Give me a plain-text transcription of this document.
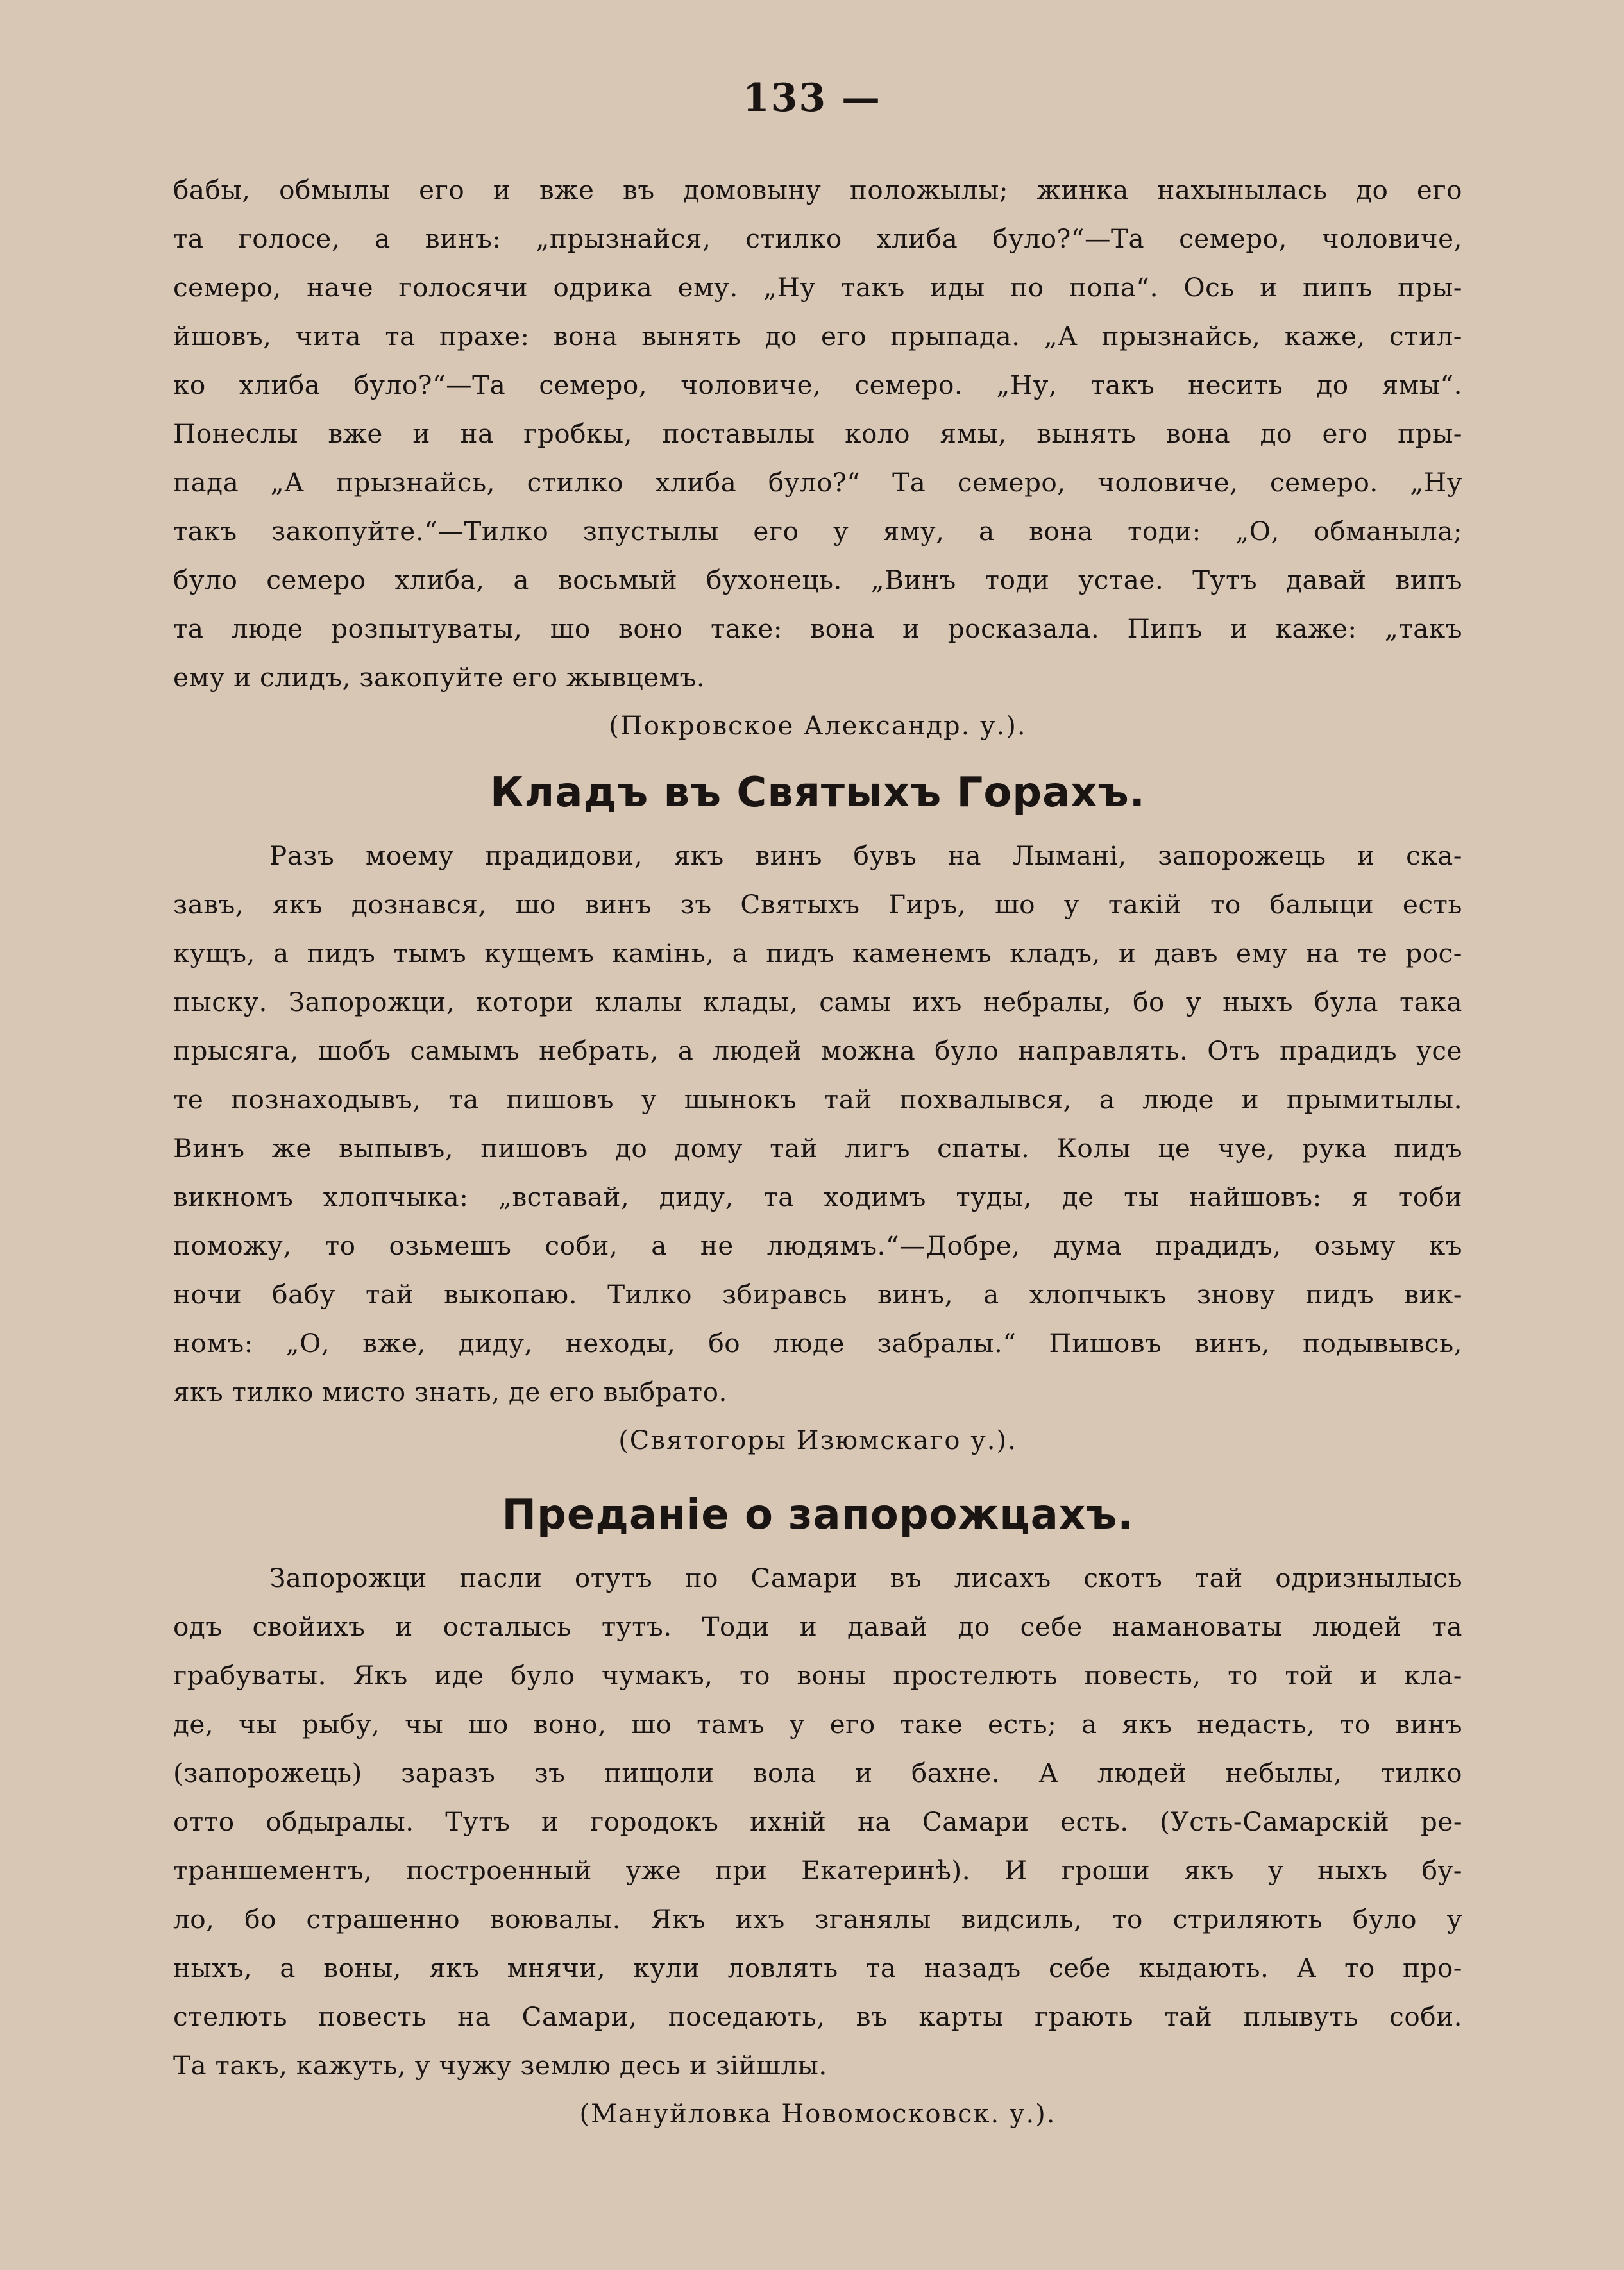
133 —

бабы, обмылы его и вже въ домовыну положылы; жинка нахынылась до его

та голосе, а винъ: „прызнайся, стилко хлиба було?“—Та семеро, чоловиче,

семеро, наче голосячи одрика ему. „Ну такъ иды по попа“. Ось и пипъ пры-

йшовъ, чита та прахе: вона вынять до его прыпада. „А прызнайсь, каже, стил-

ко хлиба було?“—Та семеро, чоловиче, семеро. „Ну, такъ несить до ямы“.

Понеслы вже и на гробкы, поставылы коло ямы, вынять вона до его пры-

пада „А прызнайсь, стилко хлиба було?“ Та семеро, чоловиче, семеро. „Ну

такъ закопуйте.“—Тилко зпустылы его у яму, а вона тоди: „О, обманыла;

було семеро хлиба, а восьмый бухонець. „Винъ тоди устае. Тутъ давай випъ

та люде розпытуваты, шо воно таке: вона и росказала. Пипъ и каже: „такъ

ему и слидъ, закопуйте его жывцемъ.

(Покровское Александр. у.).

Кладъ въ Святыхъ Горахъ.

Разъ моему прадидови, якъ винъ бувъ на Лыманi, запорожець и ска-

завъ, якъ дознався, шо винъ зъ Святыхъ Гиръ, шо у такiй то балыци есть

кущъ, а пидъ тымъ кущемъ камiнь, а пидъ каменемъ кладъ, и давъ ему на те рос-

пыску. Запорожци, котори клалы клады, самы ихъ небралы, бо у ныхъ була така

прысяга, шобъ самымъ небрать, а людей можна було направлять. Отъ прадидъ усе

те познаходывъ, та пишовъ у шынокъ тай похвалывся, а люде и прымитылы.

Винъ же выпывъ, пишовъ до дому тай лигъ спаты. Колы це чуе, рука пидъ

викномъ хлопчыка: „вставай, диду, та ходимъ туды, де ты найшовъ: я тоби

поможу, то озьмешъ соби, а не людямъ.“—Добре, дума прадидъ, озьму къ

ночи бабу тай выкопаю. Тилко збиравсь винъ, а хлопчыкъ знову пидъ вик-

номъ: „О, вже, диду, неходы, бо люде забралы.“ Пишовъ винъ, подывывсь,

якъ тилко мисто знать, де его выбрато.

(Святогоры Изюмскаго у.).

Преданiе о запорожцахъ.

Запорожци пасли отутъ по Самари въ лисахъ скотъ тай одризнылысь

одъ свойихъ и осталысь тутъ. Тоди и давай до себе намановаты людей та

грабуваты. Якъ иде було чумакъ, то воны простелють повесть, то той и кла-

де, чы рыбу, чы шо воно, шо тамъ у его таке есть; а якъ недасть, то винъ

(запорожець) заразъ зъ пищоли вола и бахне. А людей небылы, тилко

отто обдыралы. Тутъ и городокъ ихнiй на Самари есть. (Усть-Самарскiй ре-

траншементъ, построенный уже при Екатеринѣ). И гроши якъ у ныхъ бу-

ло, бо страшенно воювалы. Якъ ихъ зганялы видсиль, то стриляють було у

ныхъ, а воны, якъ мнячи, кули ловлять та назадъ себе кыдають. А то про-

стелють повесть на Самари, поседають, въ карты грають тай плывуть соби.

Та такъ, кажуть, у чужу землю десь и зiйшлы.

(Мануйловка Новомосковск. у.).
